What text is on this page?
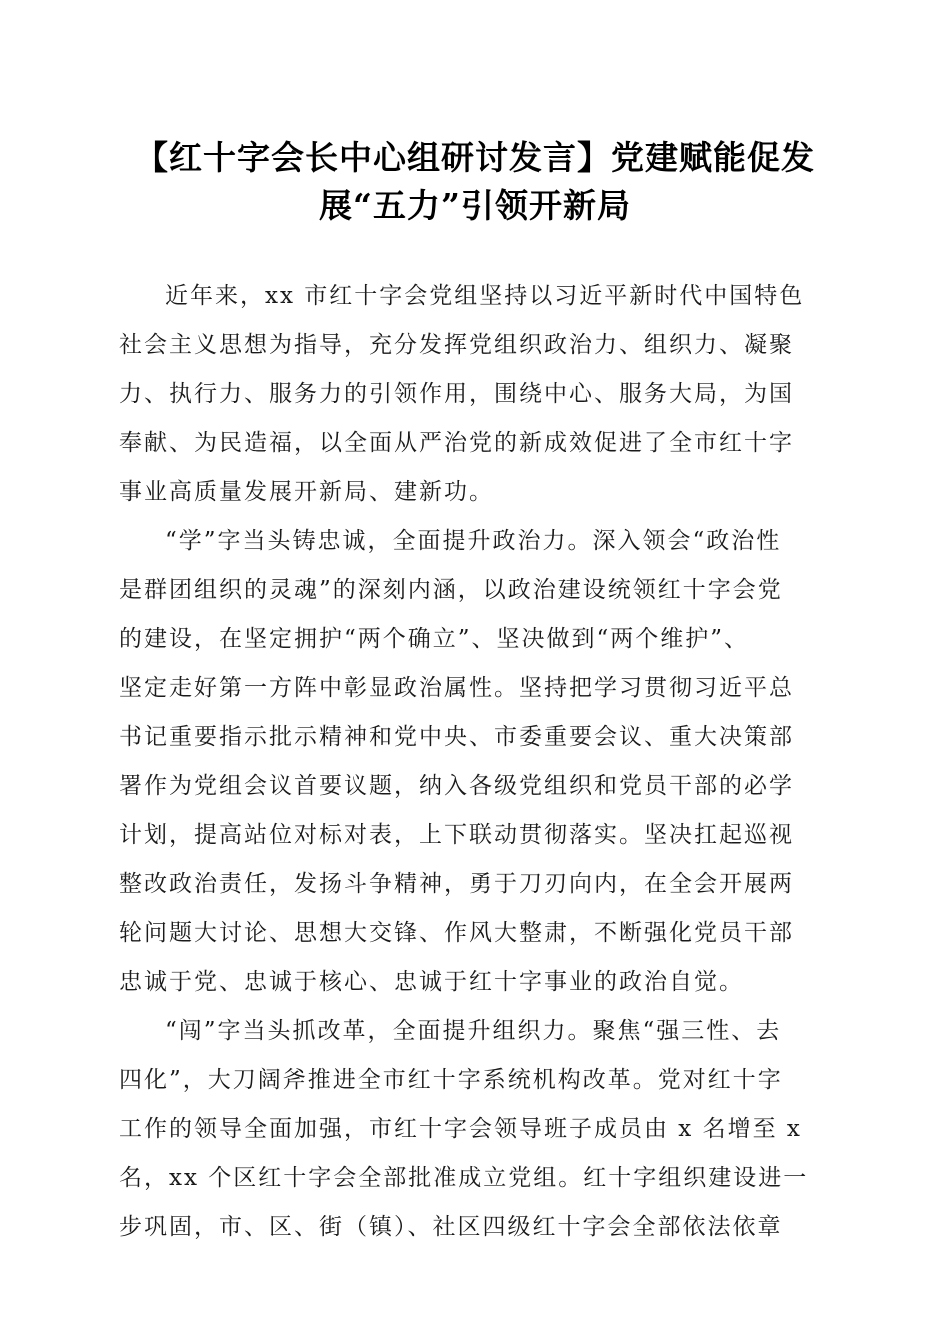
【红十字会长中心组研讨发言】党建赋能促发
展“五力”引领开新局
近年来，xx 市红十字会党组坚持以习近平新时代中国特色
社会主义思想为指导，充分发挥党组织政治力、组织力、凝聚
力、执行力、服务力的引领作用，围绕中心、服务大局，为国
奉献、为民造福，以全面从严治党的新成效促进了全市红十字
事业高质量发展开新局、建新功。
“学”字当头铸忠诚，全面提升政治力。深入领会“政治性
是群团组织的灵魂”的深刻内涵，以政治建设统领红十字会党
的建设，在坚定拥护“两个确立”、坚决做到“两个维护”、
坚定走好第一方阵中彰显政治属性。坚持把学习贯彻习近平总
书记重要指示批示精神和党中央、市委重要会议、重大决策部
署作为党组会议首要议题，纳入各级党组织和党员干部的必学
计划，提高站位对标对表，上下联动贯彻落实。坚决扛起巡视
整改政治责任，发扬斗争精神，勇于刀刃向内，在全会开展两
轮问题大讨论、思想大交锋、作风大整肃，不断强化党员干部
忠诚于党、忠诚于核心、忠诚于红十字事业的政治自觉。
“闯”字当头抓改革，全面提升组织力。聚焦“强三性、去
四化”，大刀阔斧推进全市红十字系统机构改革。党对红十字
工作的领导全面加强，市红十字会领导班子成员由 x 名增至 x
名，xx 个区红十字会全部批准成立党组。红十字组织建设进一
步巩固，市、区、街（镇）、社区四级红十字会全部依法依章
